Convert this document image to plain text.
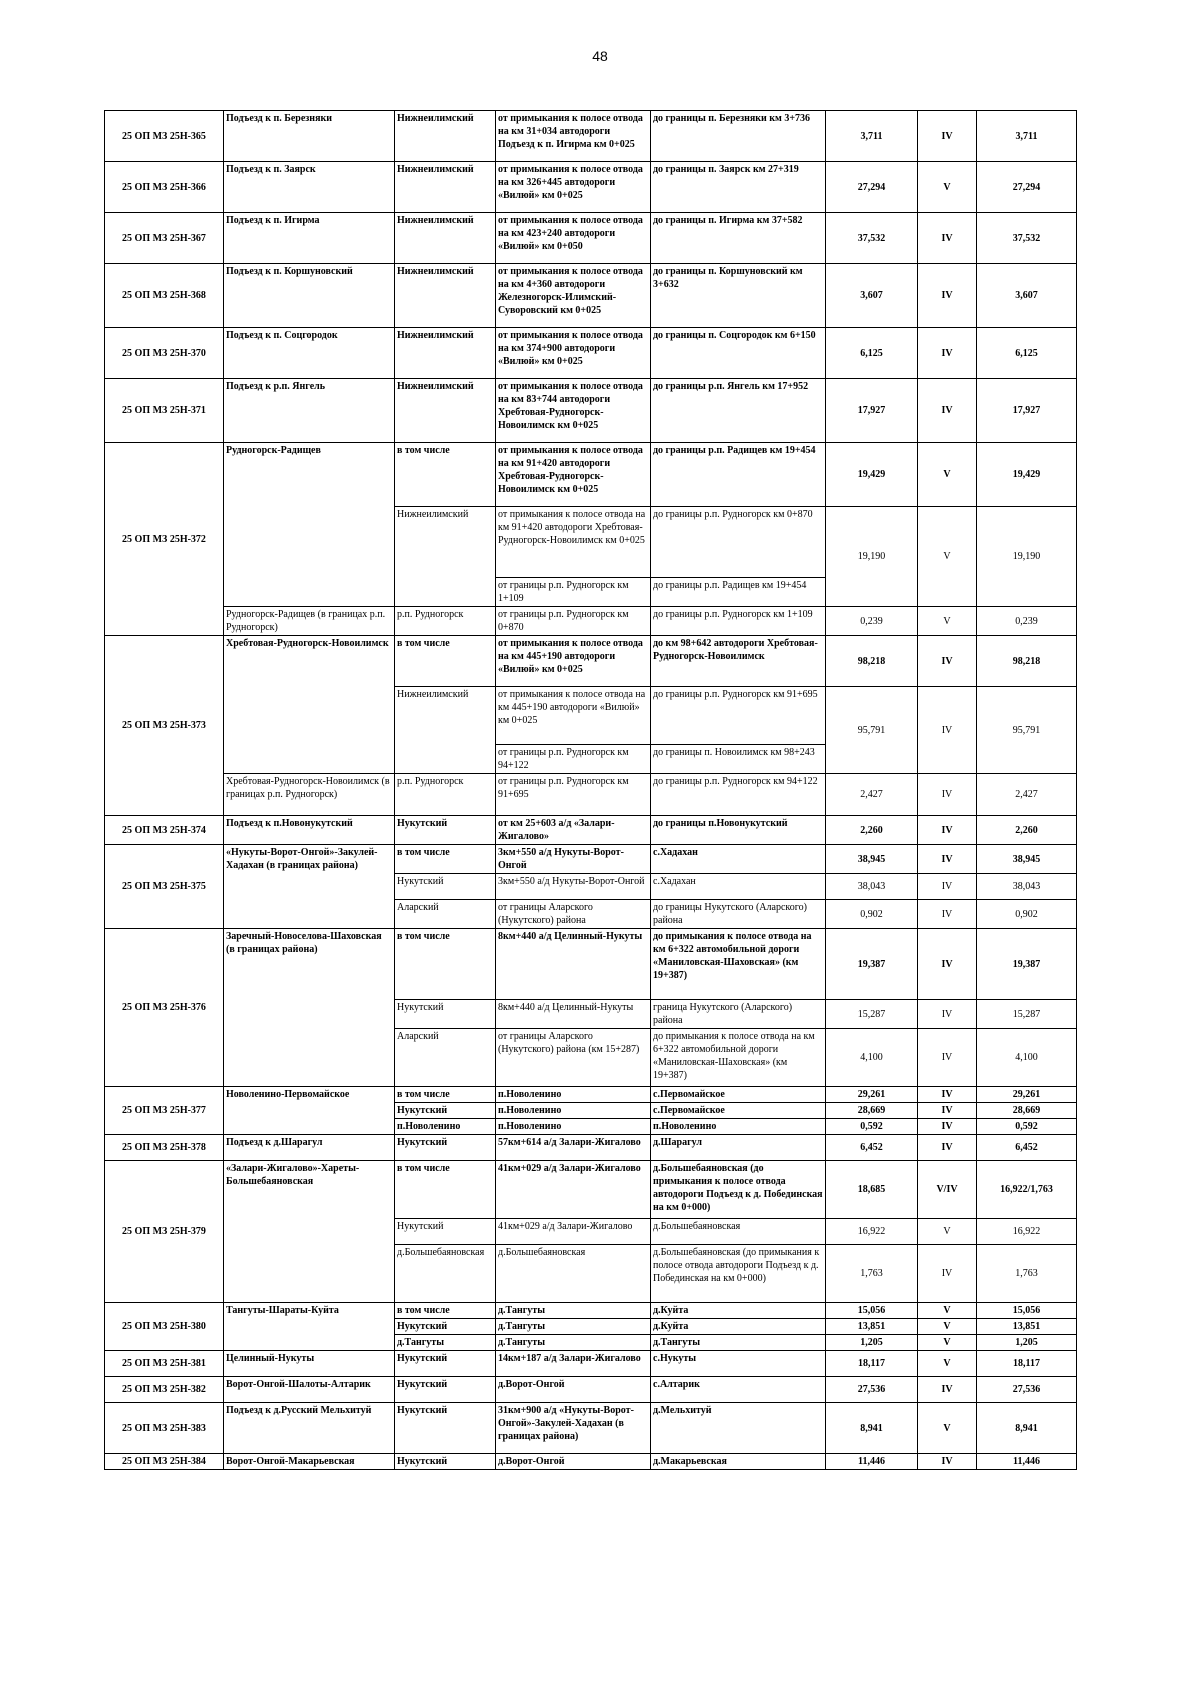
48
25 ОП МЗ 25Н-365	Подъезд к п. Березняки	Нижнеилимский	от примыкания к полосе отвода на км 31+034 автодороги Подъезд к п. Игирма км 0+025	до границы п. Березняки км 3+736	3,711	IV	3,711
25 ОП МЗ 25Н-366	Подъезд к п. Заярск	Нижнеилимский	от примыкания к полосе отвода на км 326+445 автодороги «Вилюй» км 0+025	до границы п. Заярск км 27+319	27,294	V	27,294
25 ОП МЗ 25Н-367	Подъезд к п. Игирма	Нижнеилимский	от примыкания к полосе отвода на км 423+240 автодороги «Вилюй» км 0+050	до границы п. Игирма км 37+582	37,532	IV	37,532
25 ОП МЗ 25Н-368	Подъезд к п. Коршуновский	Нижнеилимский	от примыкания к полосе отвода на км 4+360 автодороги Железногорск-Илимский-Суворовский км 0+025	до границы п. Коршуновский км 3+632	3,607	IV	3,607
25 ОП МЗ 25Н-370	Подъезд к п. Соцгородок	Нижнеилимский	от примыкания к полосе отвода на км 374+900 автодороги «Вилюй» км 0+025	до границы п. Соцгородок км 6+150	6,125	IV	6,125
25 ОП МЗ 25Н-371	Подъезд к р.п. Янгель	Нижнеилимский	от примыкания к полосе отвода на км 83+744 автодороги Хребтовая-Рудногорск-Новоилимск км 0+025	до границы р.п. Янгель км 17+952	17,927	IV	17,927
25 ОП МЗ 25Н-372	Рудногорск-Радищев	в том числе	от примыкания к полосе отвода на км 91+420 автодороги Хребтовая-Рудногорск-Новоилимск км 0+025	до границы р.п. Радищев км 19+454	19,429	V	19,429
		Нижнеилимский	от примыкания к полосе отвода на км 91+420 автодороги Хребтовая-Рудногорск-Новоилимск км 0+025	до границы р.п. Рудногорск км 0+870	19,190	V	19,190
			от границы р.п. Рудногорск км 1+109	до границы р.п. Радищев км 19+454			
	Рудногорск-Радищев (в границах р.п. Рудногорск)	р.п. Рудногорск	от границы р.п. Рудногорск км 0+870	до границы р.п. Рудногорск км 1+109	0,239	V	0,239
25 ОП МЗ 25Н-373	Хребтовая-Рудногорск-Новоилимск	в том числе	от примыкания к полосе отвода на км 445+190 автодороги «Вилюй» км 0+025	до км 98+642 автодороги Хребтовая-Рудногорск-Новоилимск	98,218	IV	98,218
		Нижнеилимский	от примыкания к полосе отвода на км 445+190 автодороги «Вилюй» км 0+025	до границы р.п. Рудногорск км 91+695	95,791	IV	95,791
			от границы р.п. Рудногорск км 94+122	до границы п. Новоилимск км 98+243			
	Хребтовая-Рудногорск-Новоилимск (в границах р.п. Рудногорск)	р.п. Рудногорск	от границы р.п. Рудногорск км 91+695	до границы р.п. Рудногорск км 94+122	2,427	IV	2,427
25 ОП МЗ 25Н-374	Подъезд к п.Новонукутский	Нукутский	от км 25+603 а/д «Залари-Жигалово»	до границы п.Новонукутский	2,260	IV	2,260
25 ОП МЗ 25Н-375	«Нукуты-Ворот-Онгой»-Закулей-Хадахан (в границах района)	в том числе	3км+550 а/д Нукуты-Ворот-Онгой	с.Хадахан	38,945	IV	38,945
		Нукутский	3км+550 а/д Нукуты-Ворот-Онгой	с.Хадахан	38,043	IV	38,043
		Аларский	от границы Аларского (Нукутского) района	до границы Нукутского (Аларского) района	0,902	IV	0,902
25 ОП МЗ 25Н-376	Заречный-Новоселова-Шаховская (в границах района)	в том числе	8км+440 а/д Целинный-Нукуты	до примыкания к полосе отвода на км 6+322 автомобильной дороги «Маниловская-Шаховская» (км 19+387)	19,387	IV	19,387
		Нукутский	8км+440 а/д Целинный-Нукуты	граница Нукутского (Аларского) района	15,287	IV	15,287
		Аларский	от границы Аларского (Нукутского) района (км 15+287)	до примыкания к полосе отвода на км 6+322 автомобильной дороги «Маниловская-Шаховская» (км 19+387)	4,100	IV	4,100
25 ОП МЗ 25Н-377	Новоленино-Первомайское	в том числе	п.Новоленино	с.Первомайское	29,261	IV	29,261
		Нукутский	п.Новоленино	с.Первомайское	28,669	IV	28,669
		п.Новоленино	п.Новоленино	п.Новоленино	0,592	IV	0,592
25 ОП МЗ 25Н-378	Подъезд к д.Шарагул	Нукутский	57км+614 а/д Залари-Жигалово	д.Шарагул	6,452	IV	6,452
25 ОП МЗ 25Н-379	«Залари-Жигалово»-Хареты-Большебаяновская	в том числе	41км+029 а/д Залари-Жигалово	д.Большебаяновская (до примыкания к полосе отвода автодороги Подъезд к д. Побединская на км 0+000)	18,685	V/IV	16,922/1,763
		Нукутский	41км+029 а/д Залари-Жигалово	д.Большебаяновская	16,922	V	16,922
		д.Большебаяновская	д.Большебаяновская	д.Большебаяновская (до примыкания к полосе отвода автодороги Подъезд к д. Побединская на км 0+000)	1,763	IV	1,763
25 ОП МЗ 25Н-380	Тангуты-Шараты-Куйта	в том числе	д.Тангуты	д.Куйта	15,056	V	15,056
		Нукутский	д.Тангуты	д.Куйта	13,851	V	13,851
		д.Тангуты	д.Тангуты	д.Тангуты	1,205	V	1,205
25 ОП МЗ 25Н-381	Целинный-Нукуты	Нукутский	14км+187 а/д Залари-Жигалово	с.Нукуты	18,117	V	18,117
25 ОП МЗ 25Н-382	Ворот-Онгой-Шалоты-Алтарик	Нукутский	д.Ворот-Онгой	с.Алтарик	27,536	IV	27,536
25 ОП МЗ 25Н-383	Подъезд к д.Русский Мельхитуй	Нукутский	31км+900 а/д «Нукуты-Ворот-Онгой»-Закулей-Хадахан (в границах района)	д.Мельхитуй	8,941	V	8,941
25 ОП МЗ 25Н-384	Ворот-Онгой-Макарьевская	Нукутский	д.Ворот-Онгой	д.Макарьевская	11,446	IV	11,446
